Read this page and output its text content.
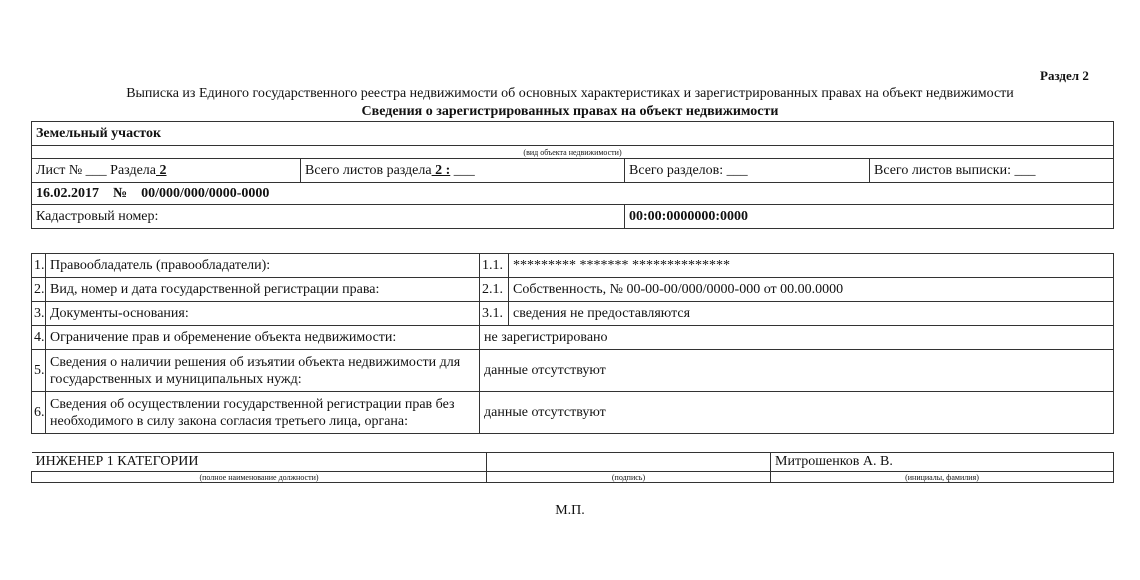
Раздел 2
Выписка из Единого государственного реестра недвижимости об основных характеристиках и зарегистрированных правах на объект недвижимости
Сведения о зарегистрированных правах на объект недвижимости
Земельный участок			
(вид объекта недвижимости)			
Лист № ___ Раздела 2	Всего листов раздела 2 : ___	Всего разделов: ___	Всего листов выписки: ___
16.02.2017    №    00/000/000/0000-0000			
Кадастровый номер:		00:00:0000000:0000	
1.	Правообладатель (правообладатели):	1.1.	********* ******* **************
2.	Вид, номер и дата государственной регистрации права:	2.1.	Собственность, № 00-00-00/000/0000-000 от 00.00.0000
3.	Документы-основания:	3.1.	сведения не предоставляются
4.	Ограничение прав и обременение объекта недвижимости:	не зарегистрировано	
5.	Сведения о наличии решения об изъятии объекта недвижимости для государственных и муниципальных нужд:	данные отсутствуют	
6.	Сведения об осуществлении государственной регистрации прав без необходимого в силу закона согласия третьего лица, органа:	данные отсутствуют	
ИНЖЕНЕР 1 КАТЕГОРИИ		Митрошенков А. В.
(полное наименование должности)	(подпись)	(инициалы, фамилия)
М.П.
